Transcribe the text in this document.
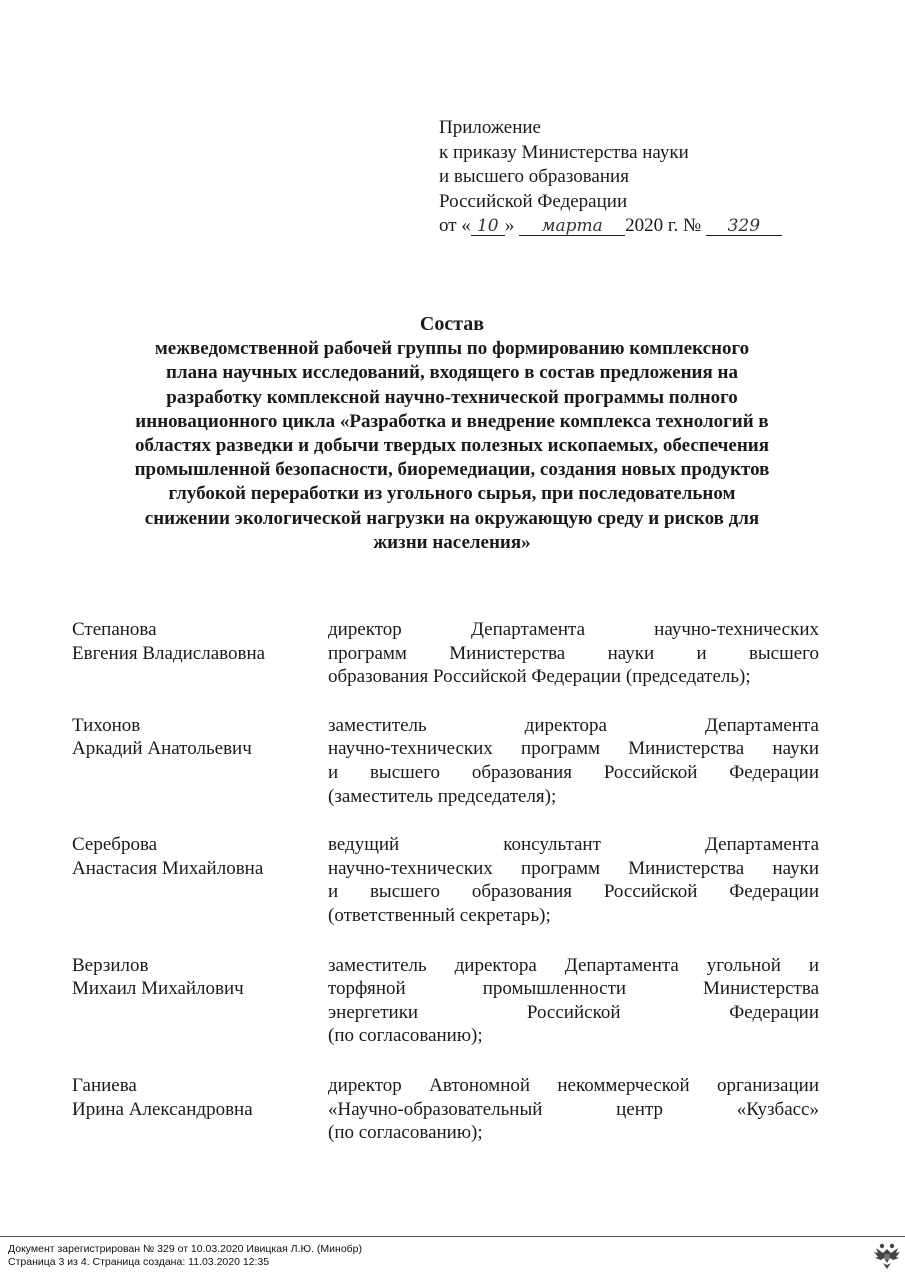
Приложение
к приказу Министерства науки
и высшего образования
Российской Федерации
от « 10 » марта 2020 г. № 329
Состав
межведомственной рабочей группы по формированию комплексного
плана научных исследований, входящего в состав предложения на
разработку комплексной научно-технической программы полного
инновационного цикла «Разработка и внедрение комплекса технологий в
областях разведки и добычи твердых полезных ископаемых, обеспечения
промышленной безопасности, биоремедиации, создания новых продуктов
глубокой переработки из угольного сырья, при последовательном
снижении экологической нагрузки на окружающую среду и рисков для
жизни населения»
Степанова
Евгения Владиславовна
директор Департамента научно-технических
программ Министерства науки и высшего
образования Российской Федерации (председатель);
Тихонов
Аркадий Анатольевич
заместитель директора Департамента
научно-технических программ Министерства науки
и высшего образования Российской Федерации
(заместитель председателя);
Сереброва
Анастасия Михайловна
ведущий консультант Департамента
научно-технических программ Министерства науки
и высшего образования Российской Федерации
(ответственный секретарь);
Верзилов
Михаил Михайлович
заместитель директора Департамента угольной и
торфяной промышленности Министерства
энергетики Российской Федерации
(по согласованию);
Ганиева
Ирина Александровна
директор Автономной некоммерческой организации
«Научно-образовательный центр «Кузбасс»
(по согласованию);
Документ зарегистрирован № 329 от 10.03.2020 Ивицкая Л.Ю. (Минобр)
Страница 3 из 4. Страница создана: 11.03.2020 12:35
